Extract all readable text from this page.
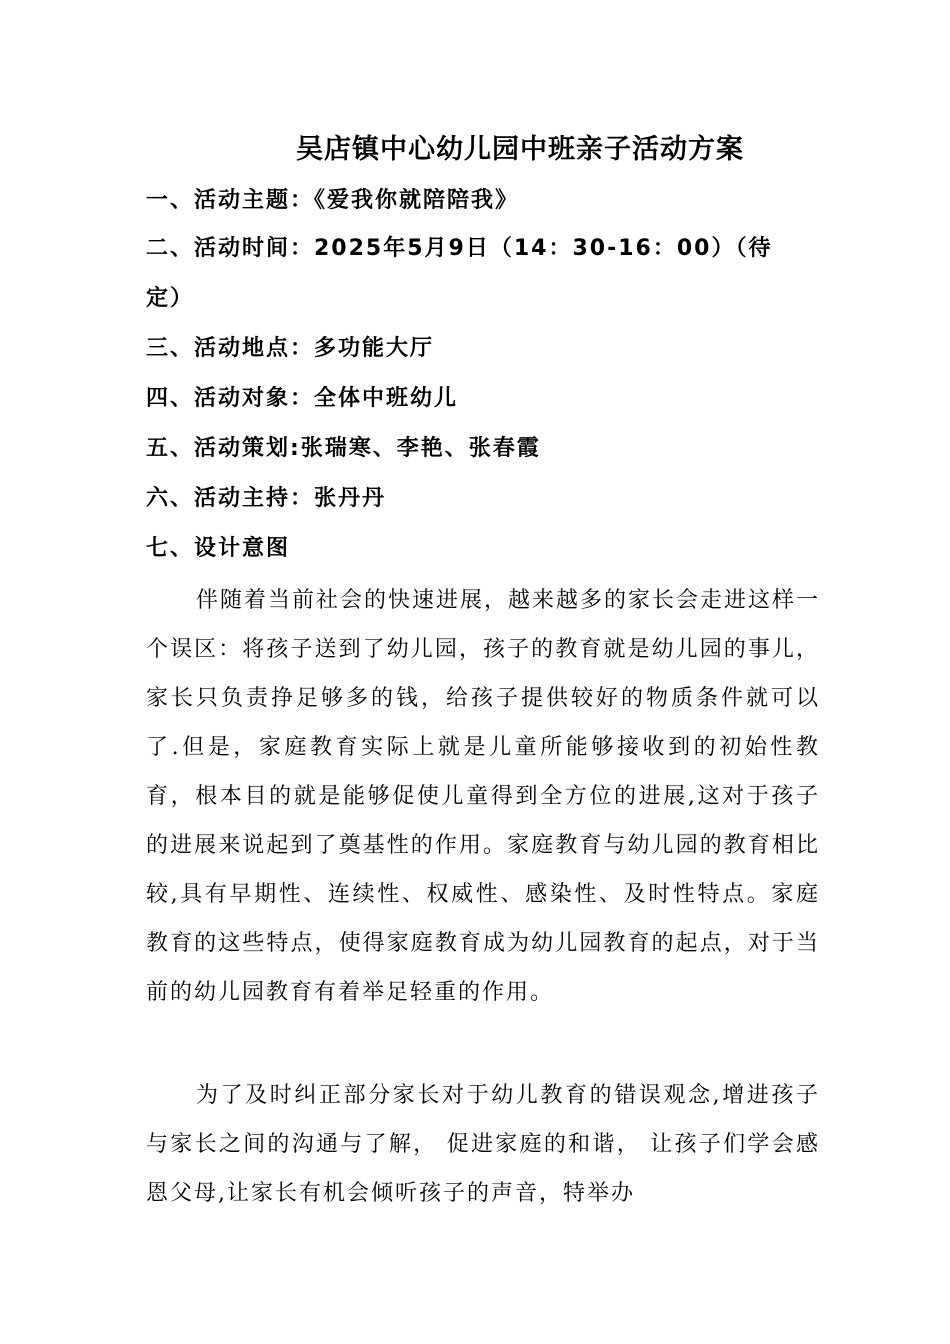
吴店镇中心幼儿园中班亲子活动方案
一、活动主题：《爱我你就陪陪我》
二、活动时间：2025年5月9日（14：30-16：00）（待
定）
三、活动地点：多功能大厅
四、活动对象：全体中班幼儿
五、活动策划:张瑞寒、李艳、张春霞
六、活动主持：张丹丹
七、设计意图

伴随着当前社会的快速进展，越来越多的家长会走进这样一个误区：将孩子送到了幼儿园，孩子的教育就是幼儿园的事儿，家长只负责挣足够多的钱，给孩子提供较好的物质条件就可以了.但是，家庭教育实际上就是儿童所能够接收到的初始性教育，根本目的就是能够促使儿童得到全方位的进展,这对于孩子的进展来说起到了奠基性的作用。家庭教育与幼儿园的教育相比较,具有早期性、连续性、权威性、感染性、及时性特点。家庭教育的这些特点，使得家庭教育成为幼儿园教育的起点，对于当前的幼儿园教育有着举足轻重的作用。

为了及时纠正部分家长对于幼儿教育的错误观念,增进孩子与家长之间的沟通与了解， 促进家庭的和谐， 让孩子们学会感恩父母,让家长有机会倾听孩子的声音，特举办
